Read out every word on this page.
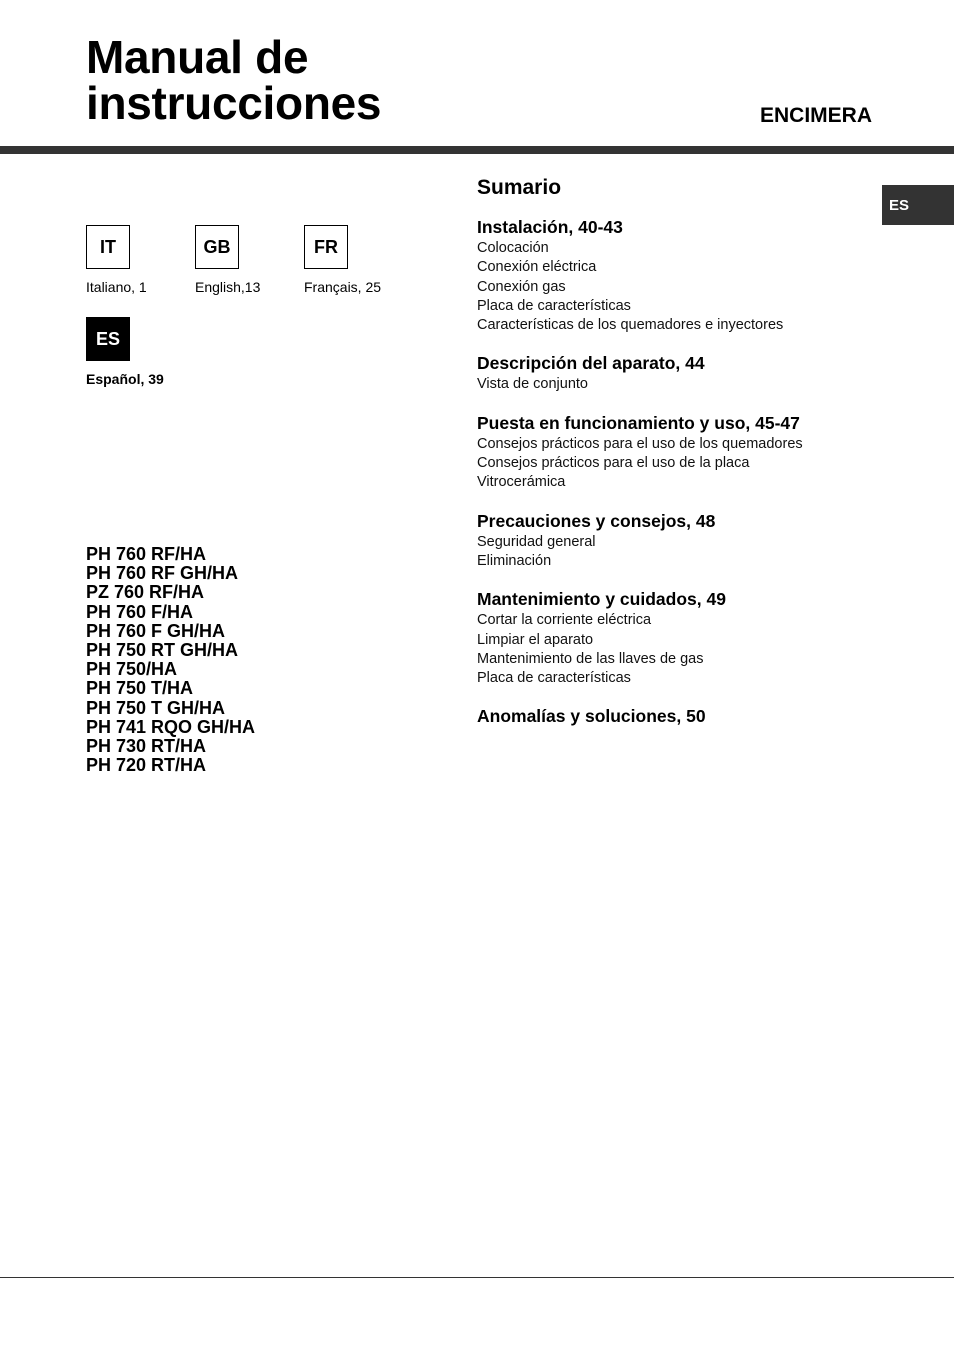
Manual de
instrucciones	ENCIMERA
ES
IT
Italiano, 1
GB
English,13
FR
Français, 25
ES
Español, 39
PH 760 RF/HA
PH 760 RF GH/HA
PZ 760 RF/HA
PH 760 F/HA
PH 760 F GH/HA
PH 750 RT GH/HA
PH 750/HA
PH 750 T/HA
PH 750 T GH/HA
PH 741 RQO GH/HA
PH 730 RT/HA
PH 720 RT/HA
Sumario
Instalación, 40-43
Colocación
Conexión eléctrica
Conexión gas
Placa de características
Características de los quemadores e inyectores
Descripción del aparato, 44
Vista de conjunto
Puesta en funcionamiento y uso, 45-47
Consejos prácticos para el uso de los quemadores
Consejos prácticos para el uso de la placa
Vitrocerámica
Precauciones y consejos, 48
Seguridad general
Eliminación
Mantenimiento y cuidados, 49
Cortar la corriente eléctrica
Limpiar el aparato
Mantenimiento de las llaves de gas
Placa de características
Anomalías y soluciones, 50
